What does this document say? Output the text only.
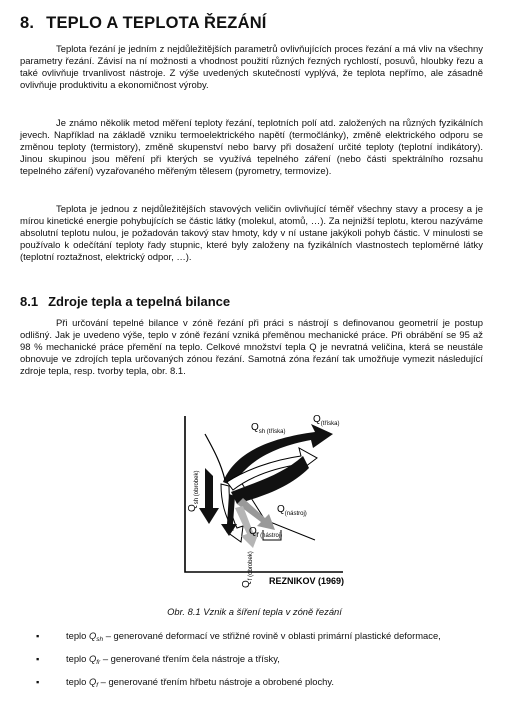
8. TEPLO A TEPLOTA ŘEZÁNÍ

Teplota řezání je jedním z nejdůležitějších parametrů ovlivňujících proces řezání a má vliv na všechny parametry řezání. Závisí na ní možnosti a vhodnost použití různých řezných rychlostí, posuvů, hloubky řezu a také ovlivňuje trvanlivost nástroje. Z výše uvedených skutečností vyplývá, že teplota nepřímo, ale zásadně ovlivňuje produktivitu a ekonomičnost výroby.

Je známo několik metod měření teploty řezání, teplotních polí atd. založených na různých fyzikálních jevech. Například na základě vzniku termoelektrického napětí (termočlánky), změně elektrického odporu se změnou teploty (termistory), změně skupenství nebo barvy při dosažení určité teploty (teplotní indikátory). Jinou skupinou jsou měření při kterých se využívá tepelného záření (nebo části spektrálního rozsahu tepelného záření) vyzařovaného měřeným tělesem (pyrometry, termovize).

Teplota je jednou z nejdůležitějších stavových veličin ovlivňující téměř všechny stavy a procesy a je mírou kinetické energie pohybujících se částic látky (molekul, atomů, …). Za nejnižší teplotu, kterou nazýváme absolutní teplotu nulou, je požadován takový stav hmoty, kdy v ní ustane jakýkoli pohyb částic. V minulosti se používalo k odečítání teploty řady stupnic, které byly založeny na fyzikálních vlastnostech teploměrné látky (teplotní roztažnost, elektrický odpor, …).

8.1 Zdroje tepla a tepelná bilance

Při určování tepelné bilance v zóně řezání při práci s nástrojí s definovanou geometrií je postup odlišný. Jak je uvedeno výše, teplo v zóně řezání vzniká přeměnou mechanické práce. Při obrábění se 95 až 98 % mechanické práce přemění na teplo. Celkové množství tepla Q je nevratná veličina, která se neustále obnovuje ve zdrojích tepla určovaných zónou řezání. Samotná zóna řezání tak umožňuje vymezit následující zdroje tepla, resp. tvorby tepla, obr. 8.1.

$Q_{sh (obrobek)}$
$Q_{sh (tříska)}$
$Q_{(tříska)}$
$Q_{(nástroj)}$
$Q_{f (nástroj)}$
$Q_{f (obrobek)}$
REZNIKOV (1969)
Obr. 8.1 Vznik a šíření tepla v zóně řezání
▪	teplo $Q_{sh}$ – generované deformací ve střižné rovině v oblasti primární plastické deformace,
▪	teplo $Q_{fr}$ – generované třením čela nástroje a třísky,
▪	teplo $Q_f$ – generované třením hřbetu nástroje a obrobené plochy.
